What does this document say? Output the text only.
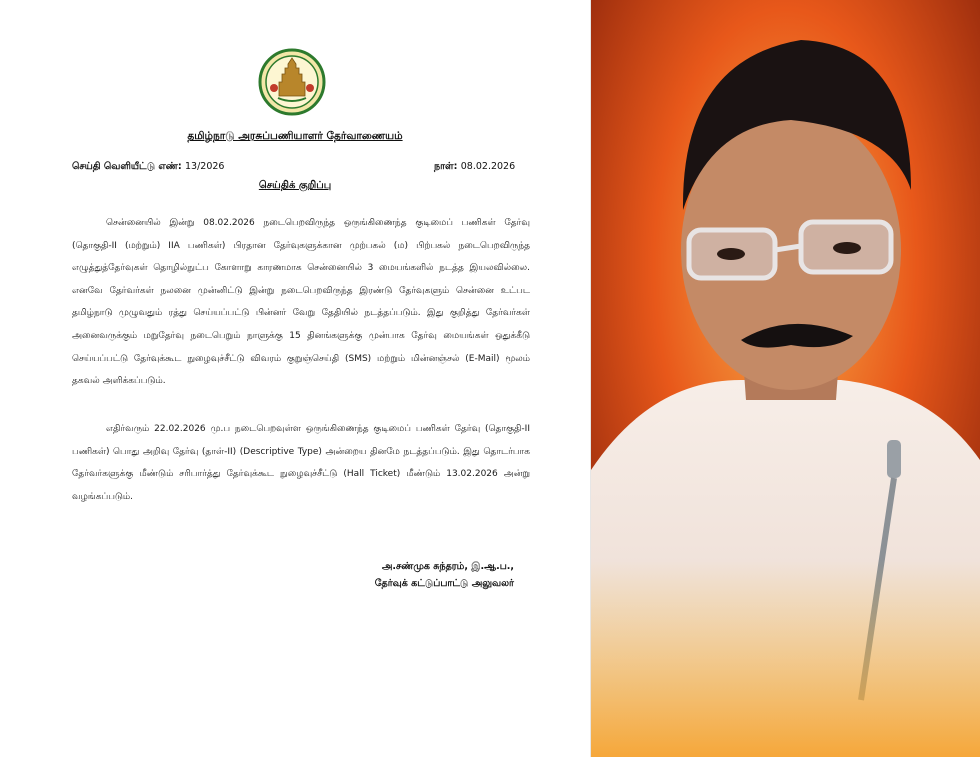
தமிழ்நாடு அரசுப்பணியாளர் தேர்வாணையம்
செய்தி வெளியீட்டு எண்: 13/2026	நாள்: 08.02.2026
செய்திக் குறிப்பு

சென்னையில் இன்று 08.02.2026 நடைபெறவிருந்த ஒருங்கிணைந்த குடிமைப் பணிகள் தேர்வு (தொகுதி-II (மற்றும்) IIA பணிகள்) பிரதான தேர்வுகளுக்கான முற்பகல் (ம) பிற்பகல் நடைபெறவிருந்த எழுத்துத்தேர்வுகள் தொழில்நுட்ப கோளாறு காரணமாக சென்னையில் 3 மையங்களில் நடத்த இயலவில்லை. எனவே தேர்வர்கள் நலனை முன்னிட்டு இன்று நடைபெறவிருந்த இரண்டு தேர்வுகளும் சென்னை உட்பட தமிழ்நாடு முழுவதும் ரத்து செய்யப்பட்டு பின்னர் வேறு தேதியில் நடத்தப்படும். இது குறித்து தேர்வர்கள் அனைவருக்கும் மறுதேர்வு நடைபெறும் நாளுக்கு 15 தினங்களுக்கு முன்பாக தேர்வு மையங்கள் ஒதுக்கீடு செய்யப்பட்டு தேர்வுக்கூட நுழைவுச்சீட்டு விவரம் குறுஞ்செய்தி (SMS) மற்றும் மின்னஞ்சல் (E-Mail) மூலம் தகவல் அளிக்கப்படும்.

எதிர்வரும் 22.02.2026 மு.ப நடைபெறவுள்ள ஒருங்கிணைந்த குடிமைப் பணிகள் தேர்வு (தொகுதி-II பணிகள்) பொது அறிவு தேர்வு (தாள்-II) (Descriptive Type) அன்றைய தினமே நடத்தப்படும். இது தொடர்பாக தேர்வர்களுக்கு மீண்டும் சரிபார்த்து தேர்வுக்கூட நுழைவுச்சீட்டு (Hall Ticket) மீண்டும் 13.02.2026 அன்று வழங்கப்படும்.

அ.சண்முக சுந்தரம், இ.ஆ.ப.,
தேர்வுக் கட்டுப்பாட்டு அலுவலர்
